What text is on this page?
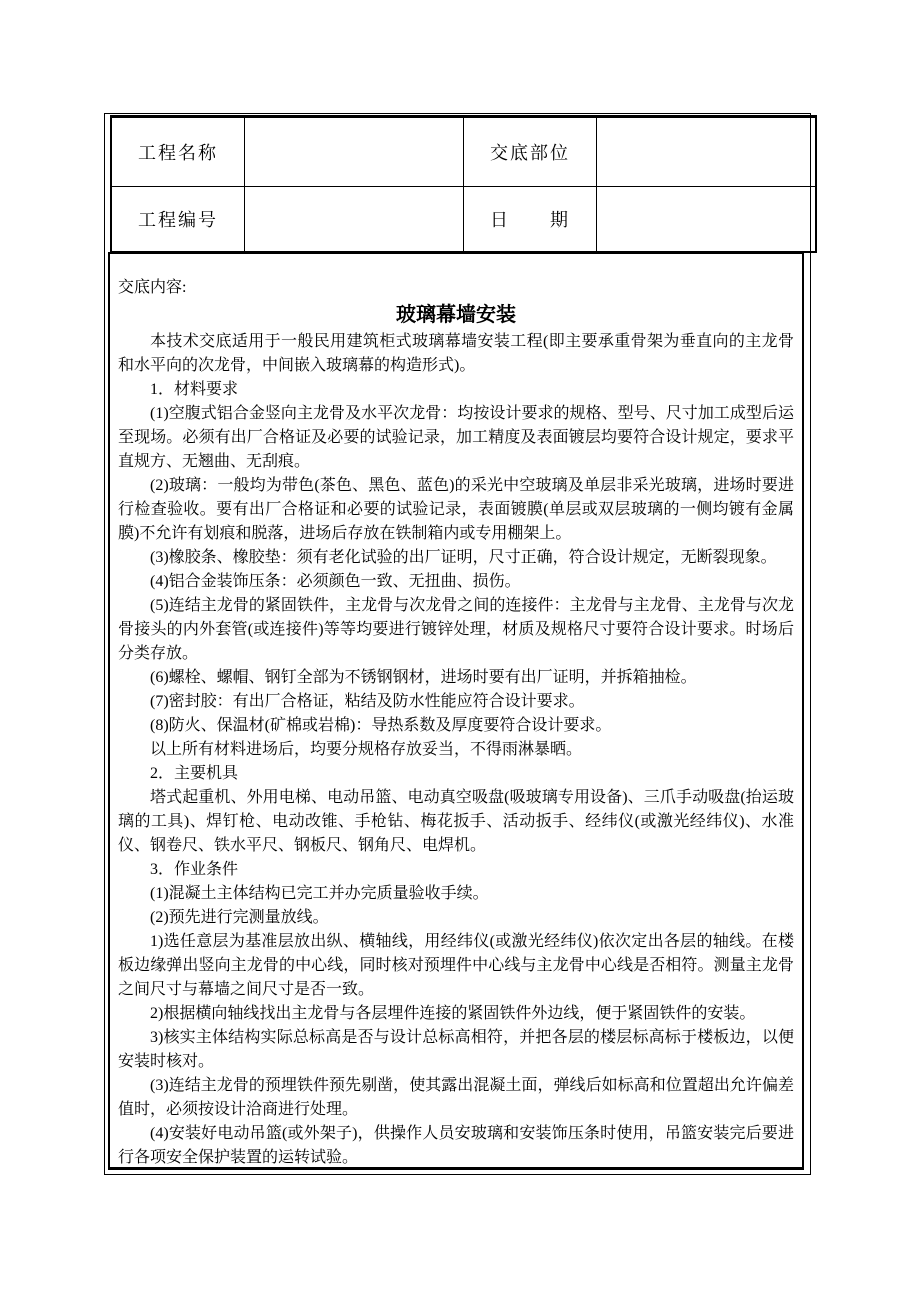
工程名称		交底部位	
工程编号		日　　期	

交底内容:

玻璃幕墙安装

本技术交底适用于一般民用建筑柜式玻璃幕墙安装工程(即主要承重骨架为垂直向的主龙骨和水平向的次龙骨，中间嵌入玻璃幕的构造形式)。

1．材料要求

(1)空腹式铝合金竖向主龙骨及水平次龙骨：均按设计要求的规格、型号、尺寸加工成型后运至现场。必须有出厂合格证及必要的试验记录，加工精度及表面镀层均要符合设计规定，要求平直规方、无翘曲、无刮痕。

(2)玻璃：一般均为带色(茶色、黑色、蓝色)的采光中空玻璃及单层非采光玻璃，进场时要进行检查验收。要有出厂合格证和必要的试验记录，表面镀膜(单层或双层玻璃的一侧均镀有金属膜)不允许有划痕和脱落，进场后存放在铁制箱内或专用棚架上。

(3)橡胶条、橡胶垫：须有老化试验的出厂证明，尺寸正确，符合设计规定，无断裂现象。

(4)铝合金装饰压条：必须颜色一致、无扭曲、损伤。

(5)连结主龙骨的紧固铁件，主龙骨与次龙骨之间的连接件：主龙骨与主龙骨、主龙骨与次龙骨接头的内外套管(或连接件)等等均要进行镀锌处理，材质及规格尺寸要符合设计要求。时场后分类存放。

(6)螺栓、螺帽、钢钉全部为不锈钢钢材，进场时要有出厂证明，并拆箱抽检。

(7)密封胶：有出厂合格证，粘结及防水性能应符合设计要求。

(8)防火、保温材(矿棉或岩棉)：导热系数及厚度要符合设计要求。

以上所有材料进场后，均要分规格存放妥当，不得雨淋暴晒。

2．主要机具

塔式起重机、外用电梯、电动吊篮、电动真空吸盘(吸玻璃专用设备)、三爪手动吸盘(抬运玻璃的工具)、焊钉枪、电动改锥、手枪钻、梅花扳手、活动扳手、经纬仪(或激光经纬仪)、水准仪、钢卷尺、铁水平尺、钢板尺、钢角尺、电焊机。

3．作业条件

(1)混凝土主体结构已完工并办完质量验收手续。

(2)预先进行完测量放线。

1)选任意层为基准层放出纵、横轴线，用经纬仪(或激光经纬仪)依次定出各层的轴线。在楼板边缘弹出竖向主龙骨的中心线，同时核对预埋件中心线与主龙骨中心线是否相符。测量主龙骨之间尺寸与幕墙之间尺寸是否一致。

2)根据横向轴线找出主龙骨与各层埋件连接的紧固铁件外边线，便于紧固铁件的安装。

3)核实主体结构实际总标高是否与设计总标高相符，并把各层的楼层标高标于楼板边，以便安装时核对。

(3)连结主龙骨的预埋铁件预先剔凿，使其露出混凝土面，弹线后如标高和位置超出允许偏差值时，必须按设计洽商进行处理。

(4)安装好电动吊篮(或外架子)，供操作人员安玻璃和安装饰压条时使用，吊篮安装完后要进行各项安全保护装置的运转试验。
